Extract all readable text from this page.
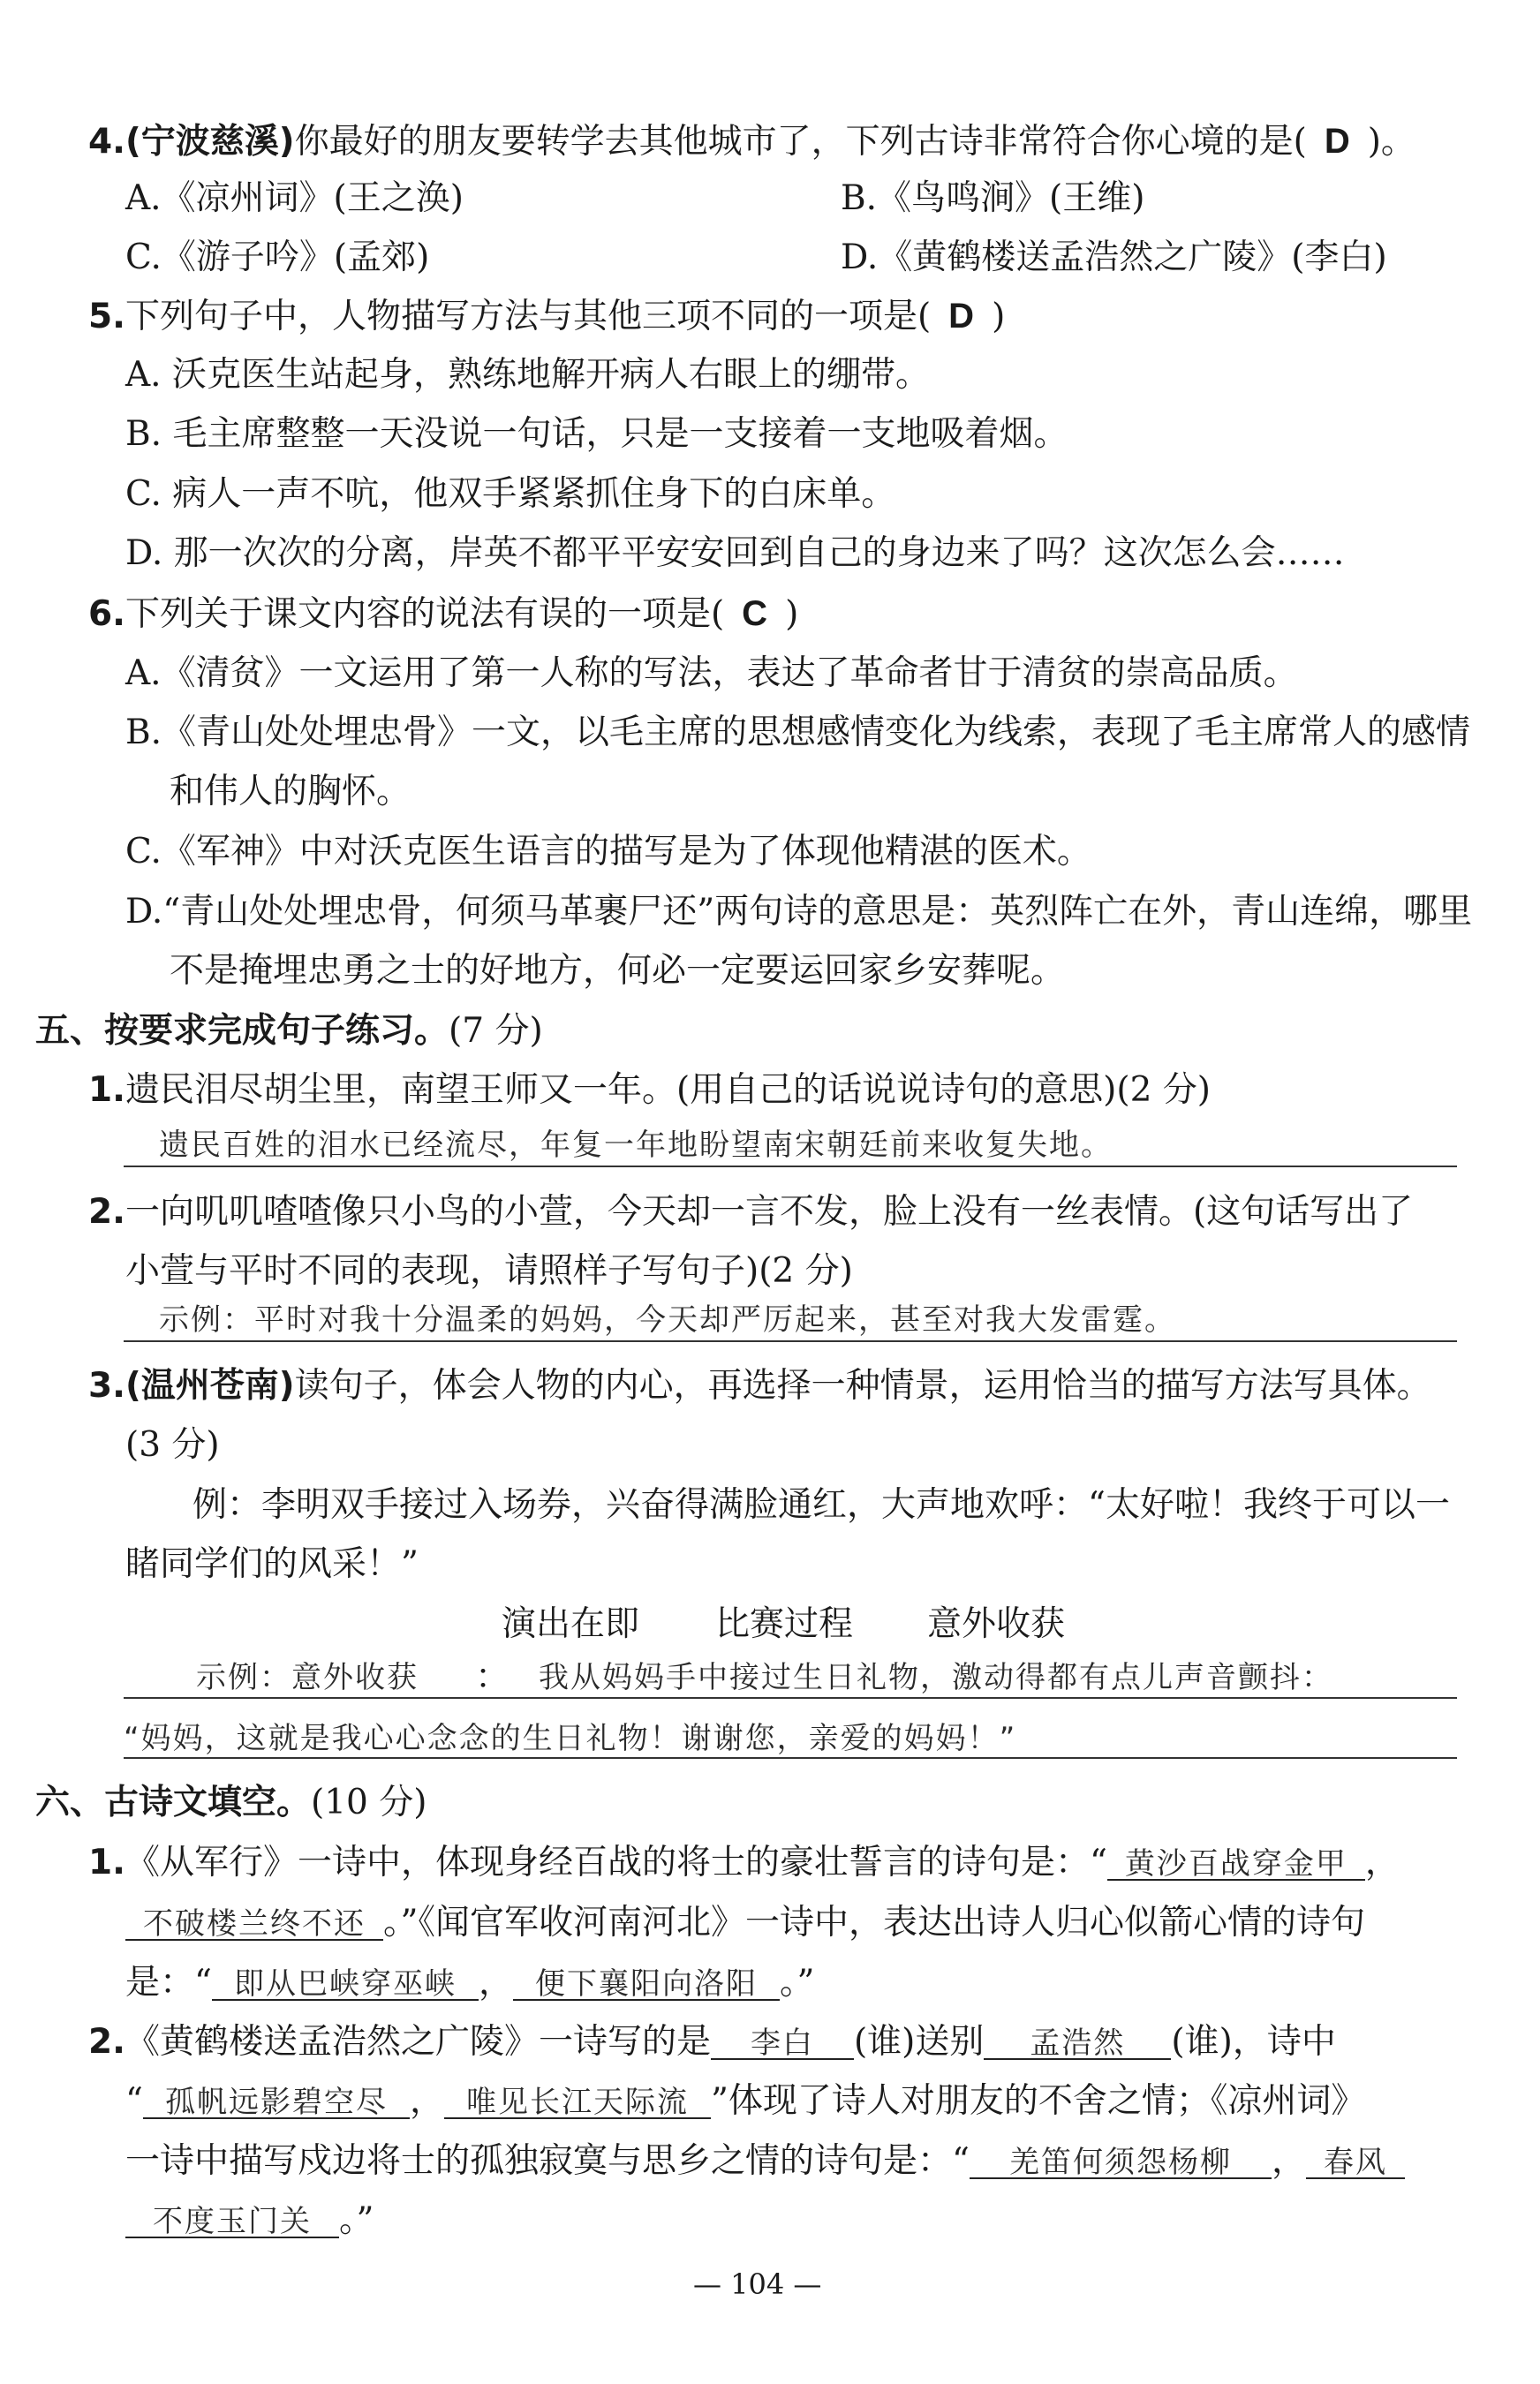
4.(宁波慈溪)你最好的朋友要转学去其他城市了，下列古诗非常符合你心境的是( D )。
A.《凉州词》(王之涣)	B.《鸟鸣涧》(王维)
C.《游子吟》(孟郊)	D.《黄鹤楼送孟浩然之广陵》(李白)
5.下列句子中，人物描写方法与其他三项不同的一项是( D )
A. 沃克医生站起身，熟练地解开病人右眼上的绷带。
B. 毛主席整整一天没说一句话，只是一支接着一支地吸着烟。
C. 病人一声不吭，他双手紧紧抓住身下的白床单。
D. 那一次次的分离，岸英不都平平安安回到自己的身边来了吗？这次怎么会……
6.下列关于课文内容的说法有误的一项是( C )
A.《清贫》一文运用了第一人称的写法，表达了革命者甘于清贫的崇高品质。
B.《青山处处埋忠骨》一文，以毛主席的思想感情变化为线索，表现了毛主席常人的感情
和伟人的胸怀。
C.《军神》中对沃克医生语言的描写是为了体现他精湛的医术。
D.“青山处处埋忠骨，何须马革裹尸还”两句诗的意思是：英烈阵亡在外，青山连绵，哪里
不是掩埋忠勇之士的好地方，何必一定要运回家乡安葬呢。
五、按要求完成句子练习。(7 分)
1.遗民泪尽胡尘里，南望王师又一年。(用自己的话说说诗句的意思)(2 分)
遗民百姓的泪水已经流尽，年复一年地盼望南宋朝廷前来收复失地。
2.一向叽叽喳喳像只小鸟的小萱，今天却一言不发，脸上没有一丝表情。(这句话写出了
小萱与平时不同的表现，请照样子写句子)(2 分)
示例：平时对我十分温柔的妈妈，今天却严厉起来，甚至对我大发雷霆。
3.(温州苍南)读句子，体会人物的内心，再选择一种情景，运用恰当的描写方法写具体。
(3 分)
例：李明双手接过入场券，兴奋得满脸通红，大声地欢呼：“太好啦！我终于可以一
睹同学们的风采！”
演出在即 比赛过程 意外收获
示例：意外收获 ： 我从妈妈手中接过生日礼物，激动得都有点儿声音颤抖：
“妈妈，这就是我心心念念的生日礼物！谢谢您，亲爱的妈妈！”
六、古诗文填空。(10 分)
1.《从军行》一诗中，体现身经百战的将士的豪壮誓言的诗句是：“ 黄沙百战穿金甲 ，
不破楼兰终不还 。”《闻官军收河南河北》一诗中，表达出诗人归心似箭心情的诗句
是：“ 即从巴峡穿巫峡 ， 便下襄阳向洛阳 。”
2.《黄鹤楼送孟浩然之广陵》一诗写的是 李白 (谁)送别 孟浩然 (谁)，诗中
“ 孤帆远影碧空尽 ， 唯见长江天际流 ”体现了诗人对朋友的不舍之情；《凉州词》
一诗中描写戍边将士的孤独寂寞与思乡之情的诗句是：“ 羌笛何须怨杨柳 ， 春风
不度玉门关 。”
— 104 —
